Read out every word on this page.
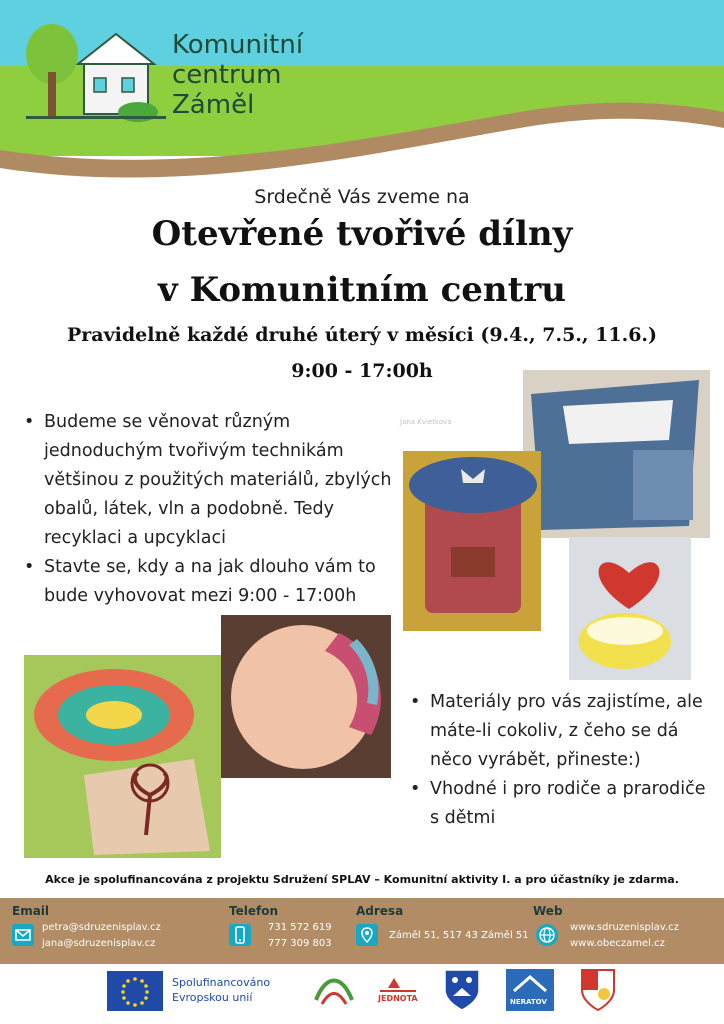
Komunitní
centrum
Záměl
Srdečně Vás zveme na
Otevřené tvořivé dílny
v Komunitním centru
Pravidelně každé druhé úterý v měsíci (9.4., 7.5., 11.6.)
9:00 - 17:00h
• Budeme se věnovat různým jednoduchým tvořivým technikám většinou z použitých materiálů, zbylých obalů, látek, vln a podobně. Tedy recyklaci a upcyklaci
• Stavte se, kdy a na jak dlouho vám to bude vyhovovat mezi 9:00 - 17:00h
Jana Kvietková
• Materiály pro vás zajistíme, ale máte-li cokoliv, z čeho se dá něco vyrábět, přineste:)
• Vhodné i pro rodiče a prarodiče s dětmi
Akce je spolufinancována z projektu Sdružení SPLAV – Komunitní aktivity I. a pro účastníky je zdarma.
Email
petra@sdruzenisplav.cz
jana@sdruzenisplav.cz
Telefon
731 572 619
777 309 803
Adresa
Záměl 51, 517 43 Záměl 51
Web
www.sdruzenisplav.cz
www.obeczamel.cz
Spolufinancováno
Evropskou unií	JEDNOTA	NERATOV
